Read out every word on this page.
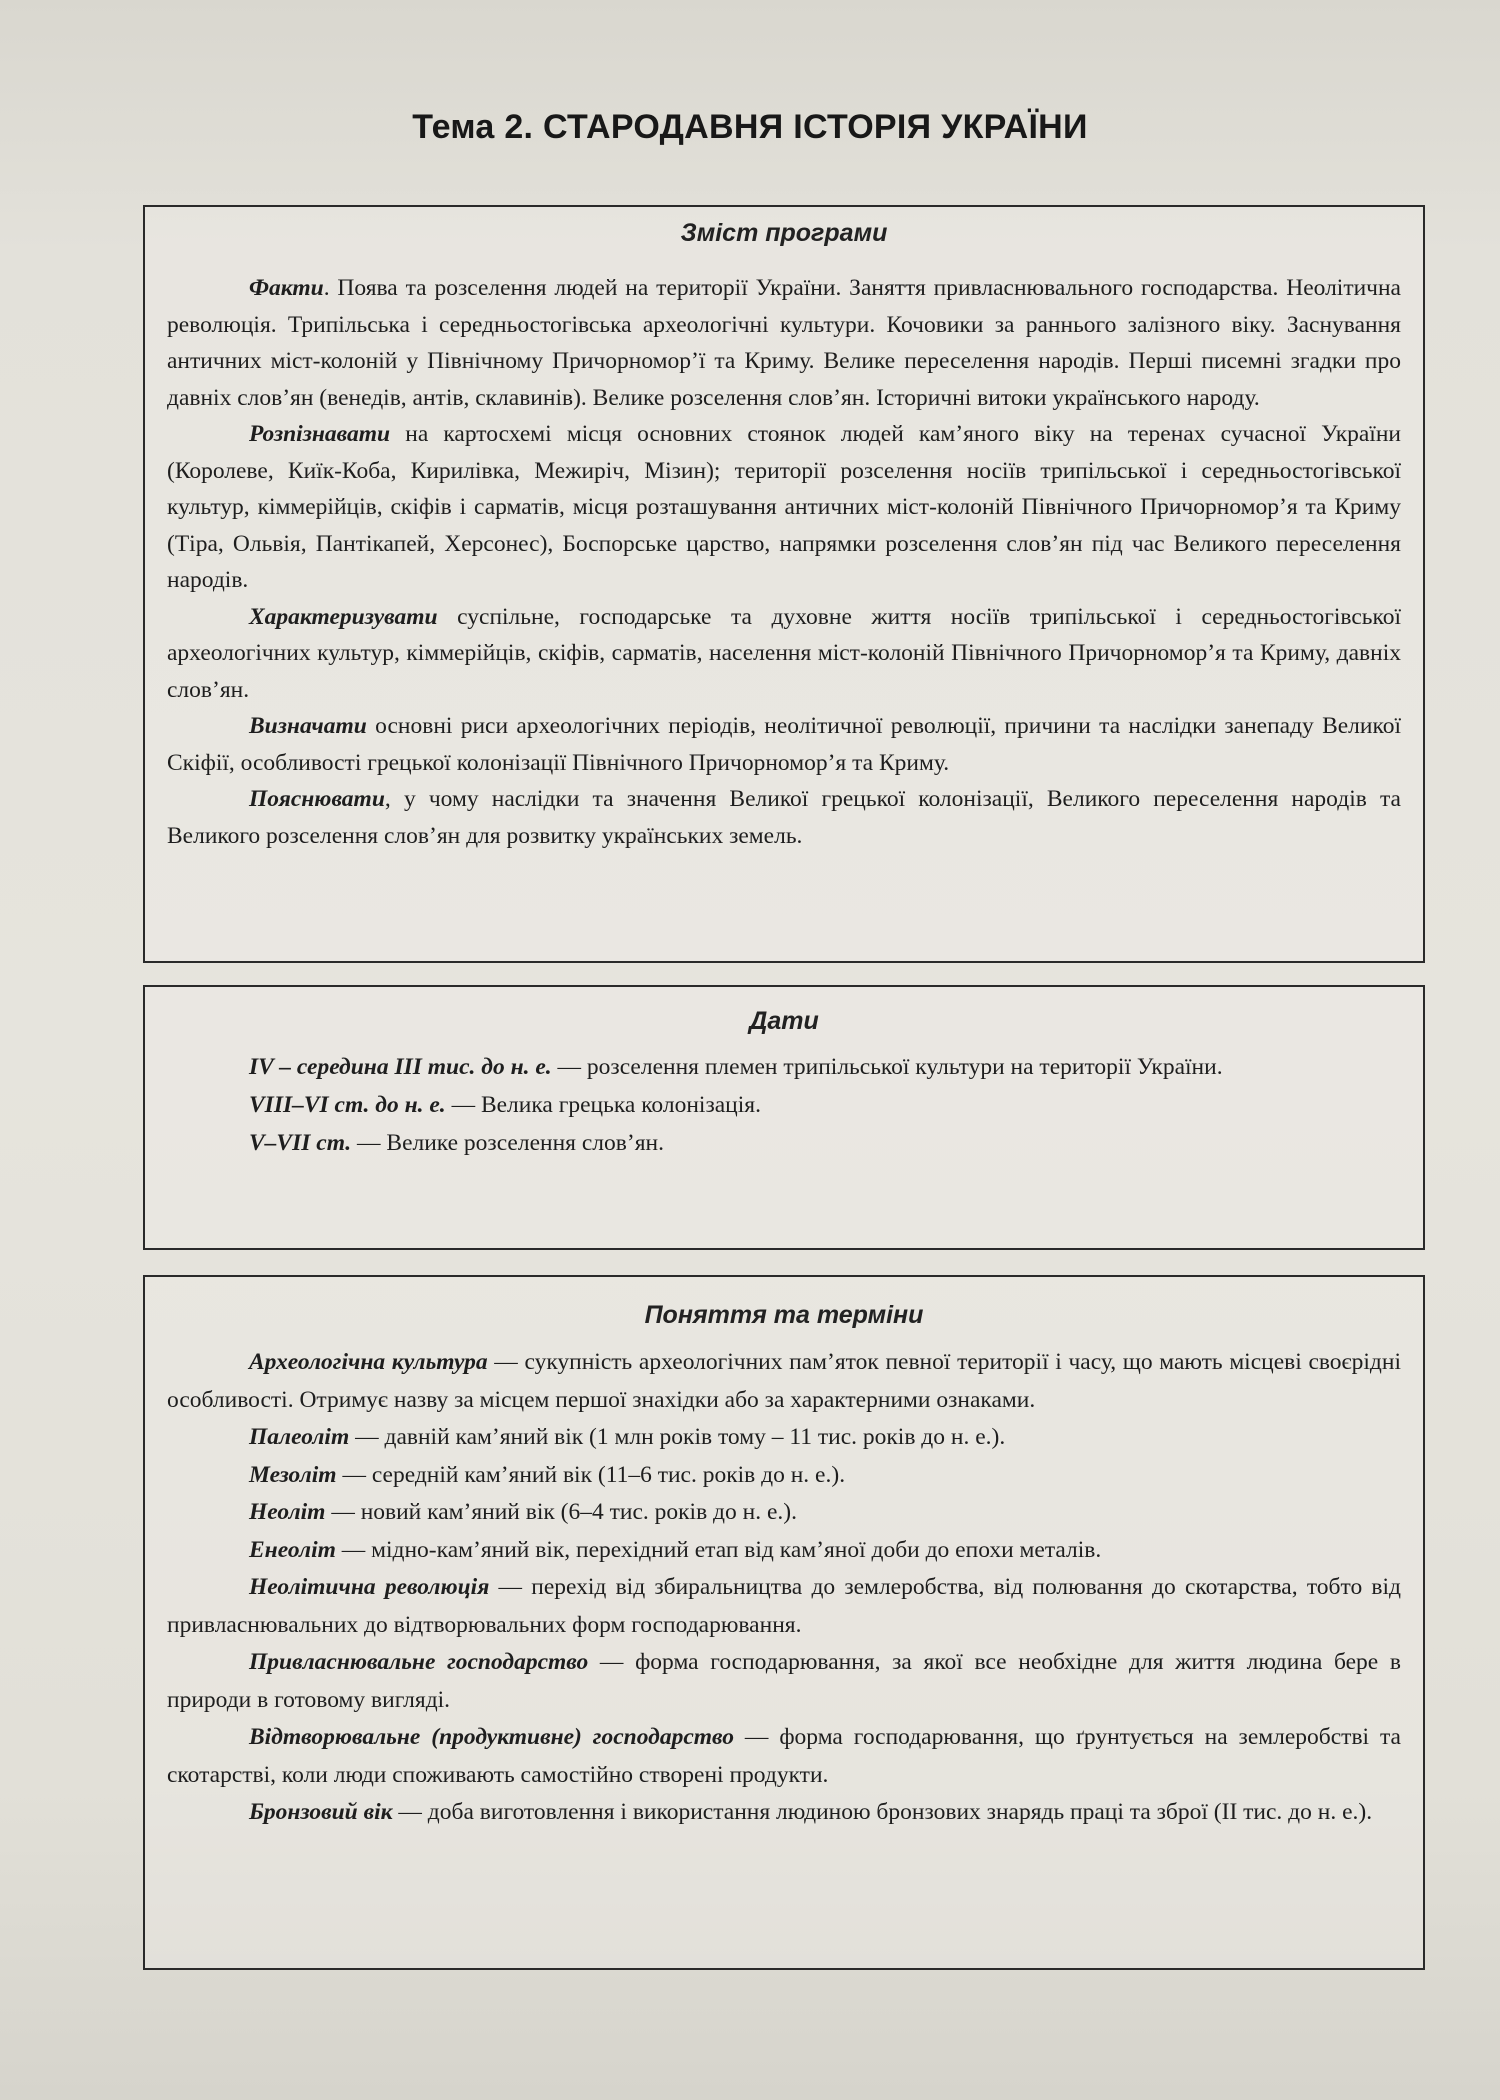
Тема 2. СТАРОДАВНЯ ІСТОРІЯ УКРАЇНИ
Зміст програми

Факти. Поява та розселення людей на території України. Заняття привласнювального господарства. Неолітична революція. Трипільська і середньостогівська археологічні культури. Кочовики за раннього залізного віку. Заснування античних міст-колоній у Північному Причорномор’ї та Криму. Велике переселення народів. Перші писемні згадки про давніх слов’ян (венедів, антів, склавинів). Велике розселення слов’ян. Історичні витоки українського народу.

Розпізнавати на картосхемі місця основних стоянок людей кам’яного віку на теренах сучасної України (Королеве, Киїк-Коба, Кирилівка, Межиріч, Мізин); території розселення носіїв трипільської і середньостогівської культур, кіммерійців, скіфів і сарматів, місця розташування античних міст-колоній Північного Причорномор’я та Криму (Тіра, Ольвія, Пантікапей, Херсонес), Боспорське царство, напрямки розселення слов’ян під час Великого переселення народів.

Характеризувати суспільне, господарське та духовне життя носіїв трипільської і середньостогівської археологічних культур, кіммерійців, скіфів, сарматів, населення міст-колоній Північного Причорномор’я та Криму, давніх слов’ян.

Визначати основні риси археологічних періодів, неолітичної революції, причини та наслідки занепаду Великої Скіфії, особливості грецької колонізації Північного Причорномор’я та Криму.

Пояснювати, у чому наслідки та значення Великої грецької колонізації, Великого переселення народів та Великого розселення слов’ян для розвитку українських земель.

Дати

IV – середина III тис. до н. е. — розселення племен трипільської культури на території України.

VIII–VI ст. до н. е. — Велика грецька колонізація.

V–VII ст. — Велике розселення слов’ян.

Поняття та терміни

Археологічна культура — сукупність археологічних пам’яток певної території і часу, що мають місцеві своєрідні особливості. Отримує назву за місцем першої знахідки або за характерними ознаками.

Палеоліт — давній кам’яний вік (1 млн років тому – 11 тис. років до н. е.).

Мезоліт — середній кам’яний вік (11–6 тис. років до н. е.).

Неоліт — новий кам’яний вік (6–4 тис. років до н. е.).

Енеоліт — мідно-кам’яний вік, перехідний етап від кам’яної доби до епохи металів.

Неолітична революція — перехід від збиральництва до землеробства, від полювання до скотарства, тобто від привласнювальних до відтворювальних форм господарювання.

Привласнювальне господарство — форма господарювання, за якої все необхідне для життя людина бере в природи в готовому вигляді.

Відтворювальне (продуктивне) господарство — форма господарювання, що ґрунтується на землеробстві та скотарстві, коли люди споживають самостійно створені продукти.

Бронзовий вік — доба виготовлення і використання людиною бронзових знарядь праці та зброї (II тис. до н. е.).
